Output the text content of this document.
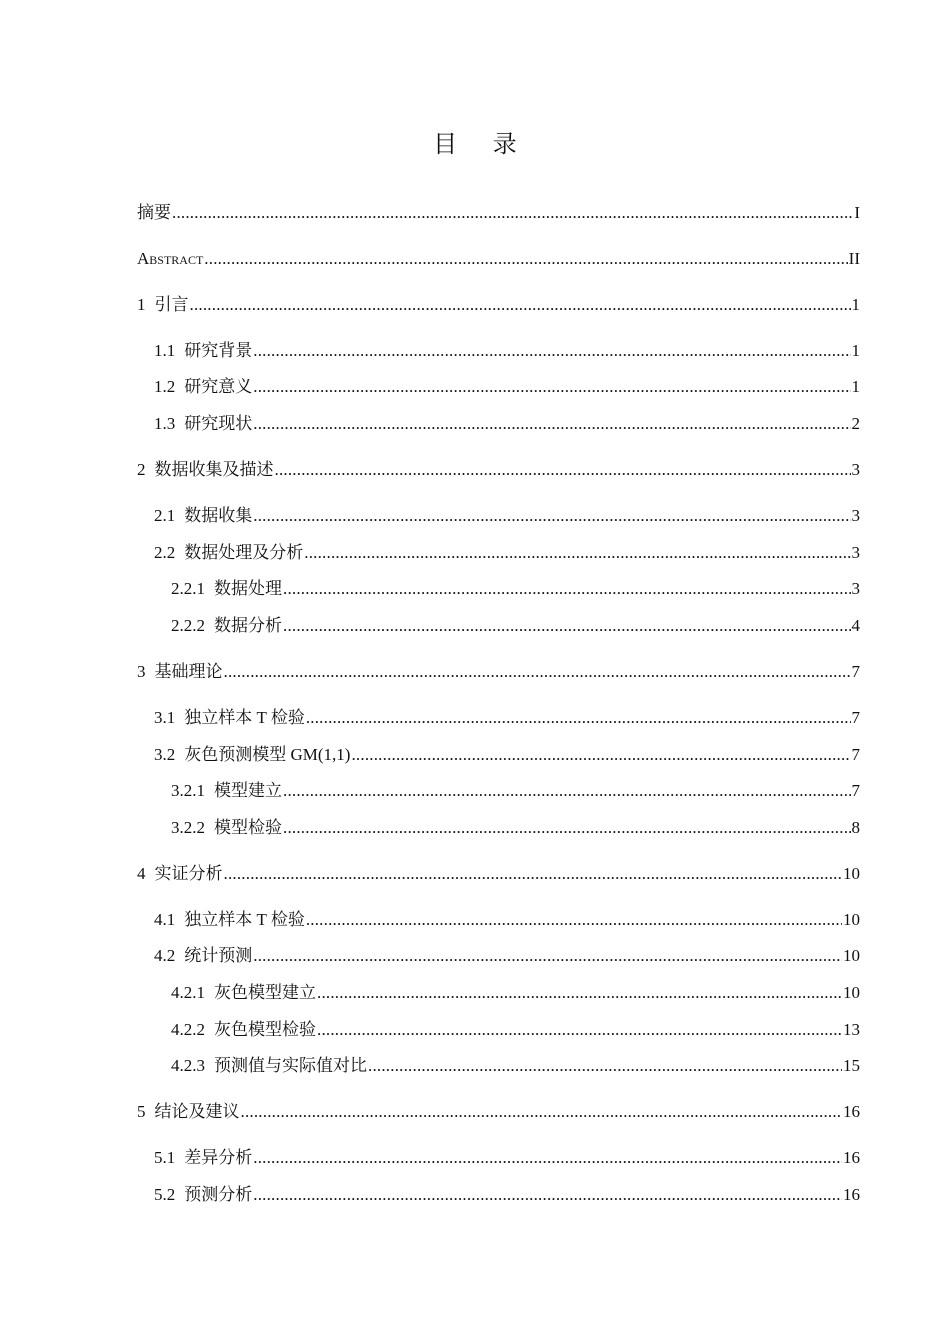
目 录
摘要 .....	I
Abstract .....	II
1 引言 .....	1
1.1 研究背景 .....	1
1.2 研究意义 .....	1
1.3 研究现状 .....	2
2 数据收集及描述 .....	3
2.1 数据收集 .....	3
2.2 数据处理及分析 .....	3
2.2.1 数据处理 .....	3
2.2.2 数据分析 .....	4
3 基础理论 .....	7
3.1 独立样本 T 检验 .....	7
3.2 灰色预测模型 GM(1,1) .....	7
3.2.1 模型建立 .....	7
3.2.2 模型检验 .....	8
4 实证分析 .....	10
4.1 独立样本 T 检验 .....	10
4.2 统计预测 .....	10
4.2.1 灰色模型建立 .....	10
4.2.2 灰色模型检验 .....	13
4.2.3 预测值与实际值对比 .....	15
5 结论及建议 .....	16
5.1 差异分析 .....	16
5.2 预测分析 .....	16
